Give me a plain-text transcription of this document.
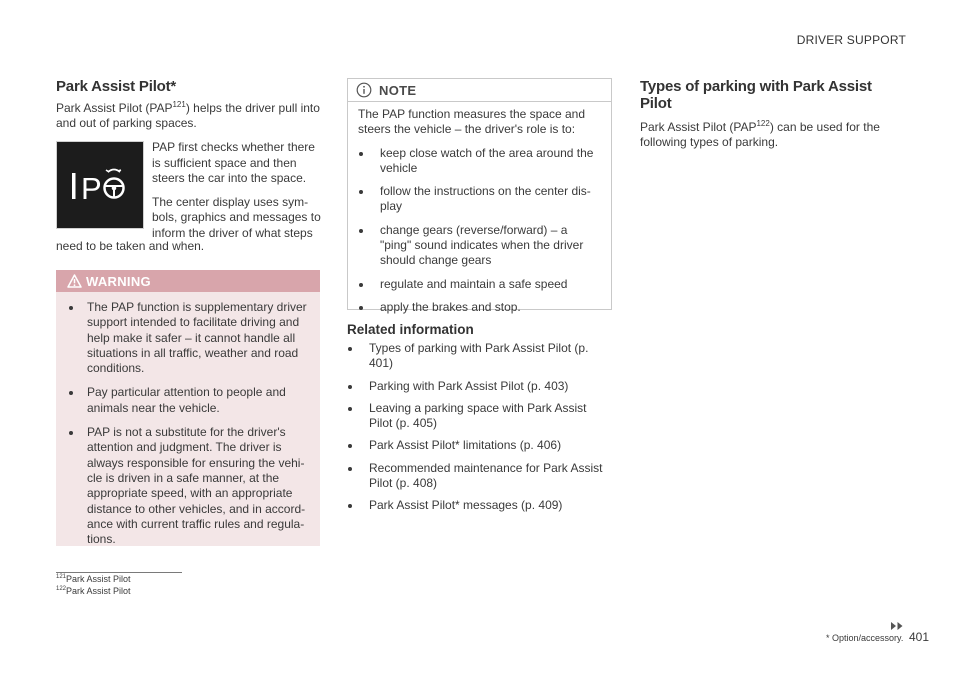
DRIVER SUPPORT
Park Assist Pilot*

Park Assist Pilot (PAP$^{121}$) helps the driver pull into and out of parking spaces.

P

PAP first checks whether there is sufficient space and then steers the car into the space.

The center display uses sym-bols, graphics and messages to inform the driver of what steps

need to be taken and when.
WARNING
The PAP function is supplementary driver support intended to facilitate driving and help make it safer – it cannot handle all situations in all traffic, weather and road conditions.
Pay particular attention to people and animals near the vehicle.
PAP is not a substitute for the driver's attention and judgment. The driver is always responsible for ensuring the vehi-cle is driven in a safe manner, at the appropriate speed, with an appropriate distance to other vehicles, and in accord-ance with current traffic rules and regula-tions.
NOTE
The PAP function measures the space and steers the vehicle – the driver's role is to:
keep close watch of the area around the vehicle
follow the instructions on the center dis-play
change gears (reverse/forward) – a "ping" sound indicates when the driver should change gears
regulate and maintain a safe speed
apply the brakes and stop.
Related information
Types of parking with Park Assist Pilot (p. 401)
Parking with Park Assist Pilot (p. 403)
Leaving a parking space with Park Assist Pilot (p. 405)
Park Assist Pilot* limitations (p. 406)
Recommended maintenance for Park Assist Pilot (p. 408)
Park Assist Pilot* messages (p. 409)
Types of parking with Park Assist Pilot

Park Assist Pilot (PAP$^{122}$) can be used for the following types of parking.

$^{121}$Park Assist Pilot
$^{122}$Park Assist Pilot
* Option/accessory. 401
